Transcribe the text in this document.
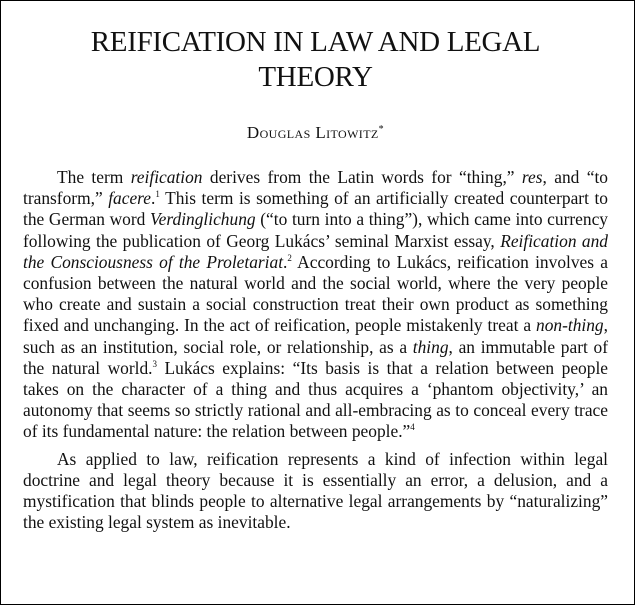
REIFICATION IN LAW AND LEGAL
THEORY
Douglas Litowitz*

The term reification derives from the Latin words for “thing,” res, and “to transform,” facere.$^1$ This term is something of an artificially created counterpart to the German word Verdinglichung (“to turn into a thing”), which came into currency following the publication of Georg Lukács’ seminal Marxist essay, Reification and the Consciousness of the Proletariat.$^2$ According to Lukács, reification involves a confusion between the natural world and the social world, where the very people who create and sustain a social construction treat their own product as something fixed and unchanging. In the act of reification, people mistakenly treat a non-thing, such as an institution, social role, or relationship, as a thing, an immutable part of the natural world.$^3$ Lukács explains: “Its basis is that a relation between people takes on the character of a thing and thus acquires a ‘phantom objectivity,’ an autonomy that seems so strictly rational and all-embracing as to conceal every trace of its fundamental nature: the relation between people.”$^4$

As applied to law, reification represents a kind of infection within legal doctrine and legal theory because it is essentially an error, a delusion, and a mystification that blinds people to alternative legal arrangements by “naturalizing” the existing legal system as inevitable.
